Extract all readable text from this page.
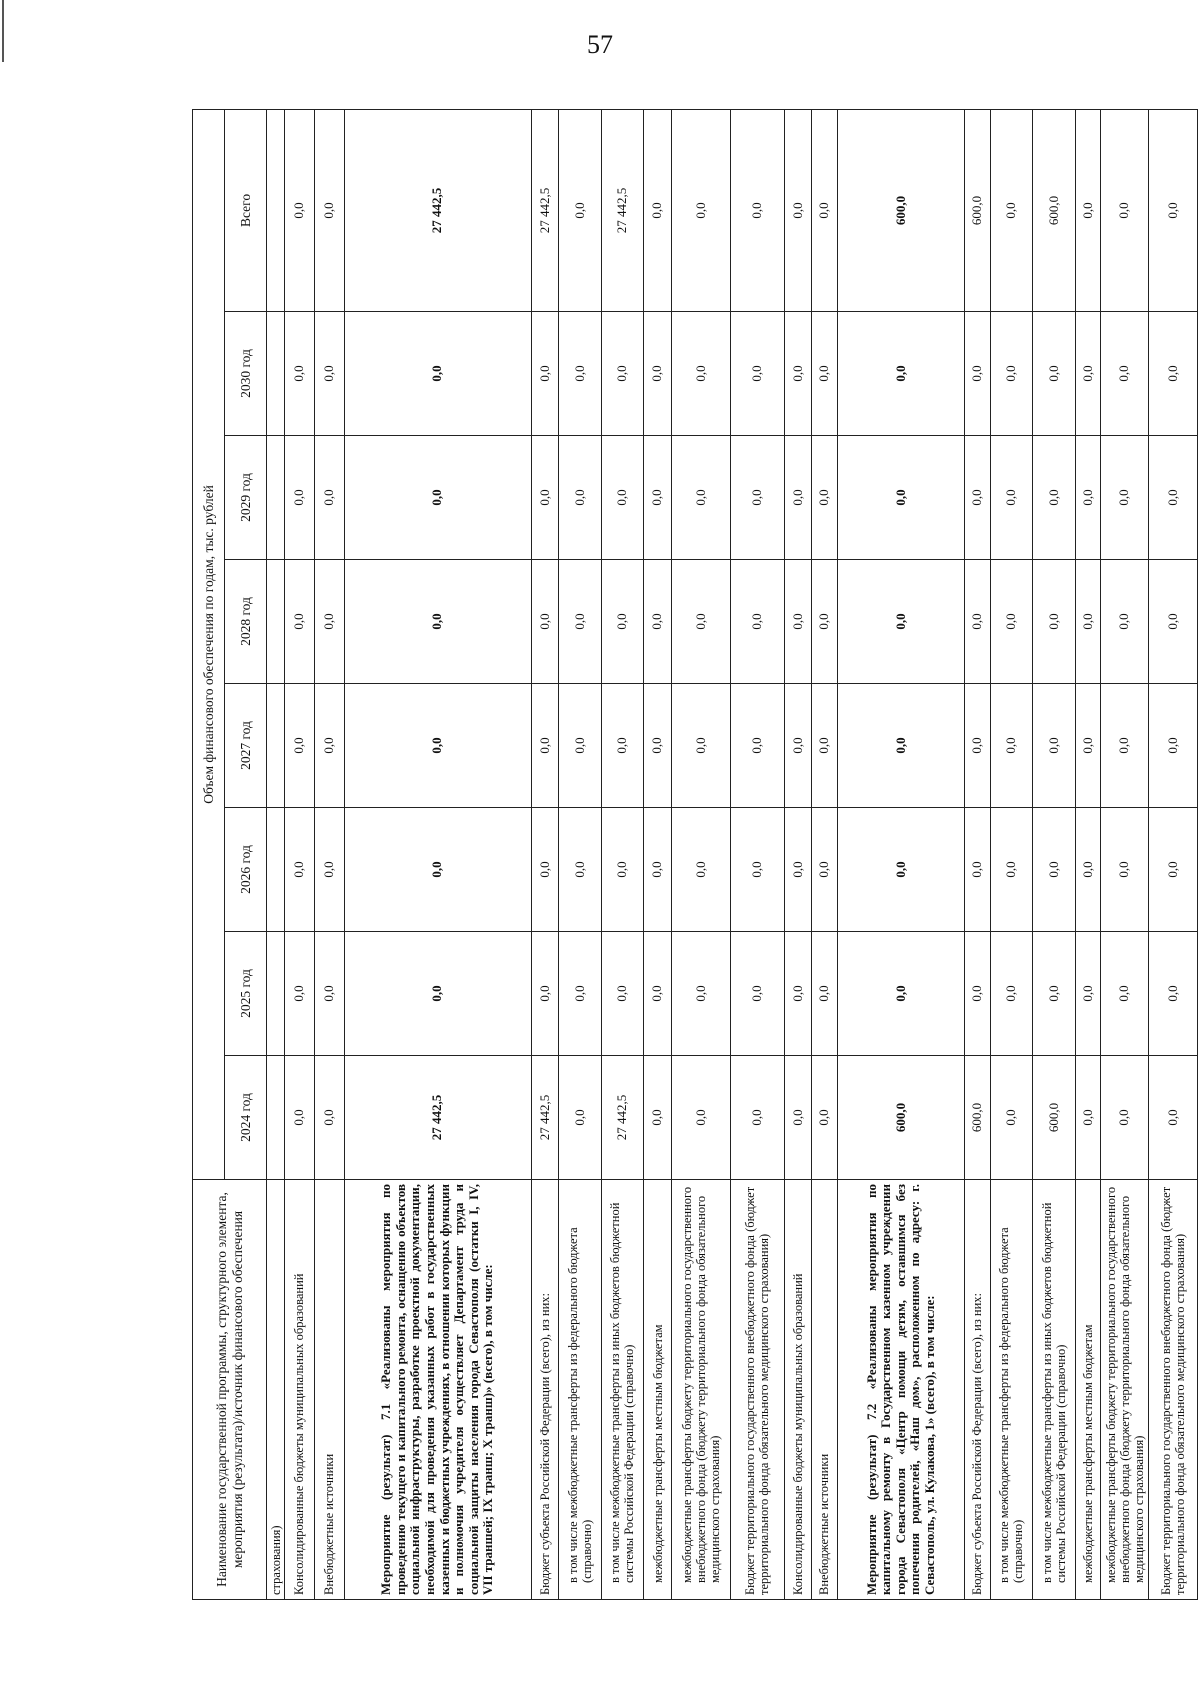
57
Наименование государственной программы, структурного элемента, мероприятия (результата)/источник финансового обеспечения	Объем финансового обеспечения по годам, тыс. рублей							
	2024 год	2025 год	2026 год	2027 год	2028 год	2029 год	2030 год	Всего
страхования)								
Консолидированные бюджеты муниципальных образований	0,0	0,0	0,0	0,0	0,0	0,0	0,0	0,0
Внебюджетные источники	0,0	0,0	0,0	0,0	0,0	0,0	0,0	0,0
Мероприятие (результат) 7.1 «Реализованы мероприятия по проведению текущего и капитального ремонта, оснащению объектов социальной инфраструктуры, разработке проектной документации, необходимой для проведения указанных работ в государственных казенных и бюджетных учреждениях, в отношении которых функции и полномочия учредителя осуществляет Департамент труда и социальной защиты населения города Севастополя (остатки I, IV, VII траншей; IX транш; X транш)» (всего), в том числе:	27 442,5	0,0	0,0	0,0	0,0	0,0	0,0	27 442,5
Бюджет субъекта Российской Федерации (всего), из них:	27 442,5	0,0	0,0	0,0	0,0	0,0	0,0	27 442,5
в том числе межбюджетные трансферты из федерального бюджета (справочно)	0,0	0,0	0,0	0,0	0,0	0,0	0,0	0,0
в том числе межбюджетные трансферты из иных бюджетов бюджетной системы Российской Федерации (справочно)	27 442,5	0,0	0,0	0,0	0,0	0,0	0,0	27 442,5
межбюджетные трансферты местным бюджетам	0,0	0,0	0,0	0,0	0,0	0,0	0,0	0,0
межбюджетные трансферты бюджету территориального государственного внебюджетного фонда (бюджету территориального фонда обязательного медицинского страхования)	0,0	0,0	0,0	0,0	0,0	0,0	0,0	0,0
Бюджет территориального государственного внебюджетного фонда (бюджет территориального фонда обязательного медицинского страхования)	0,0	0,0	0,0	0,0	0,0	0,0	0,0	0,0
Консолидированные бюджеты муниципальных образований	0,0	0,0	0,0	0,0	0,0	0,0	0,0	0,0
Внебюджетные источники	0,0	0,0	0,0	0,0	0,0	0,0	0,0	0,0
Мероприятие (результат) 7.2 «Реализованы мероприятия по капитальному ремонту в Государственном казенном учреждении города Севастополя «Центр помощи детям, оставшимся без попечения родителей, «Наш дом», расположенном по адресу: г. Севастополь, ул. Кулакова, 1» (всего), в том числе:	600,0	0,0	0,0	0,0	0,0	0,0	0,0	600,0
Бюджет субъекта Российской Федерации (всего), из них:	600,0	0,0	0,0	0,0	0,0	0,0	0,0	600,0
в том числе межбюджетные трансферты из федерального бюджета (справочно)	0,0	0,0	0,0	0,0	0,0	0,0	0,0	0,0
в том числе межбюджетные трансферты из иных бюджетов бюджетной системы Российской Федерации (справочно)	600,0	0,0	0,0	0,0	0,0	0,0	0,0	600,0
межбюджетные трансферты местным бюджетам	0,0	0,0	0,0	0,0	0,0	0,0	0,0	0,0
межбюджетные трансферты бюджету территориального государственного внебюджетного фонда (бюджету территориального фонда обязательного медицинского страхования)	0,0	0,0	0,0	0,0	0,0	0,0	0,0	0,0
Бюджет территориального государственного внебюджетного фонда (бюджет территориального фонда обязательного медицинского страхования)	0,0	0,0	0,0	0,0	0,0	0,0	0,0	0,0
